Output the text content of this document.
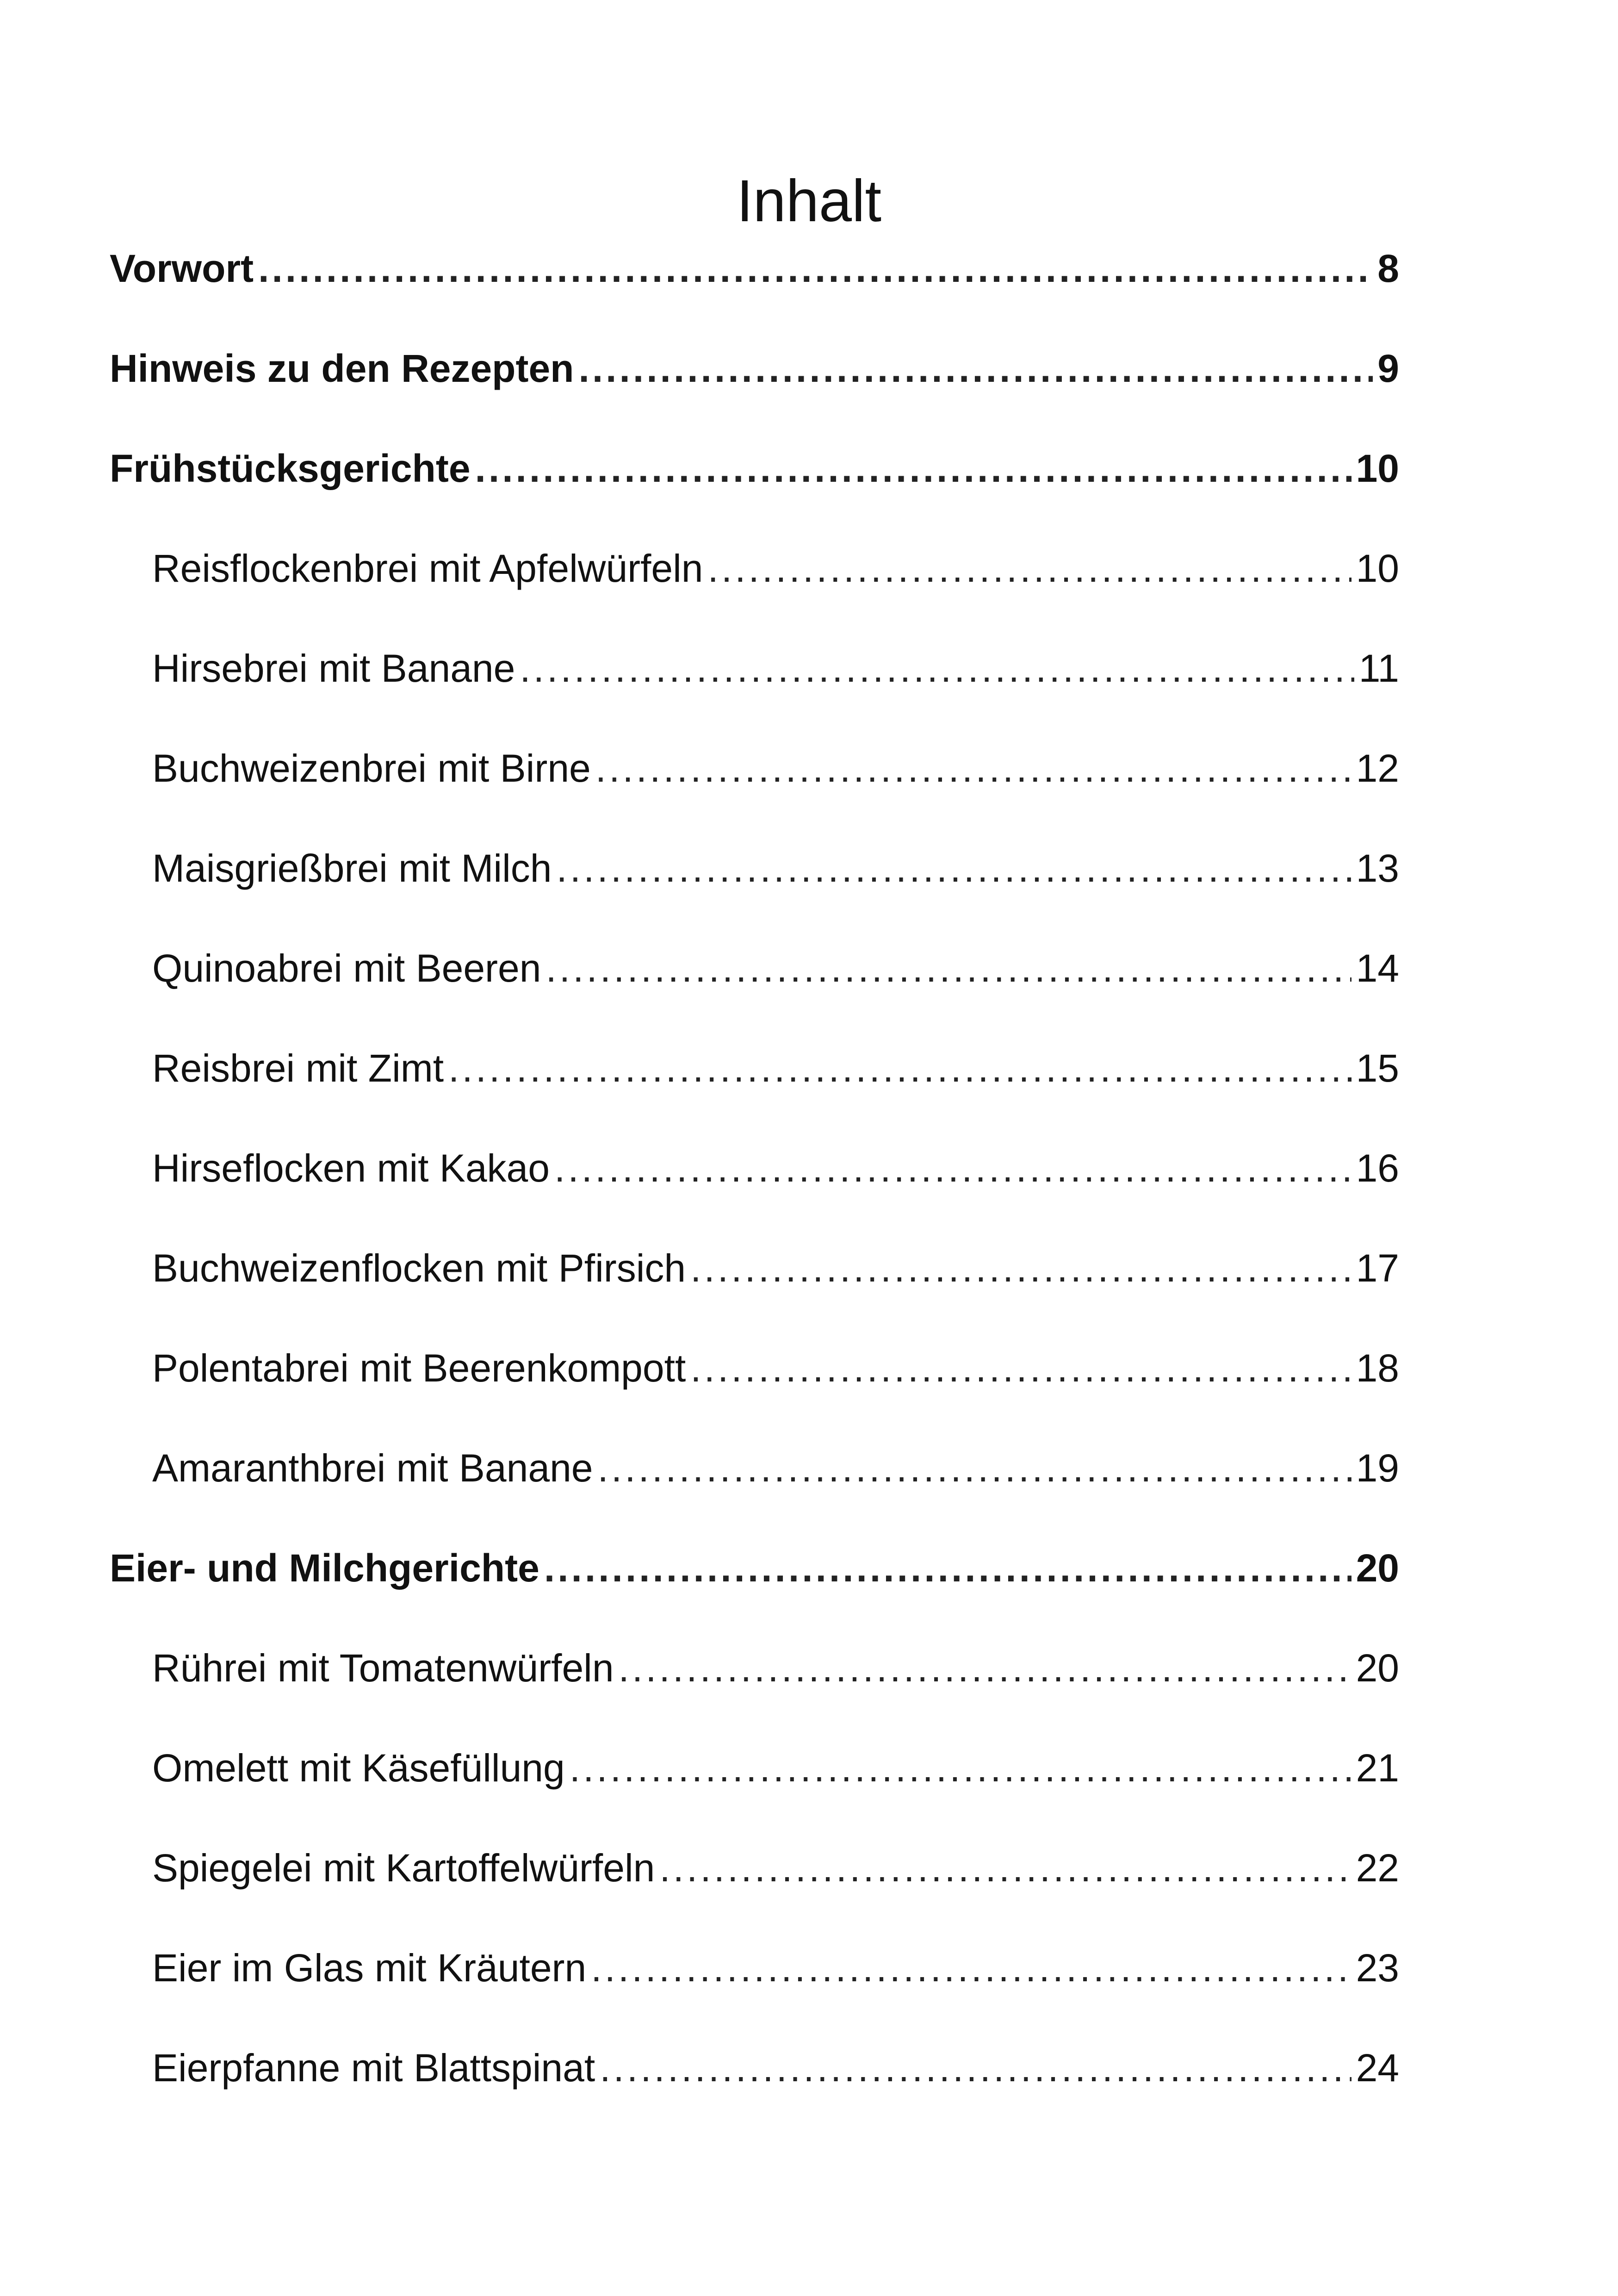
Inhalt
Vorwort .....	8
Hinweis zu den Rezepten .....	9
Frühstücksgerichte .....	10
Reisflockenbrei mit Apfelwürfeln .....	10
Hirsebrei mit Banane .....	11
Buchweizenbrei mit Birne .....	12
Maisgrießbrei mit Milch .....	13
Quinoabrei mit Beeren .....	14
Reisbrei mit Zimt .....	15
Hirseflocken mit Kakao .....	16
Buchweizenflocken mit Pfirsich .....	17
Polentabrei mit Beerenkompott .....	18
Amaranthbrei mit Banane .....	19
Eier- und Milchgerichte .....	20
Rührei mit Tomatenwürfeln .....	20
Omelett mit Käsefüllung .....	21
Spiegelei mit Kartoffelwürfeln .....	22
Eier im Glas mit Kräutern .....	23
Eierpfanne mit Blattspinat .....	24
